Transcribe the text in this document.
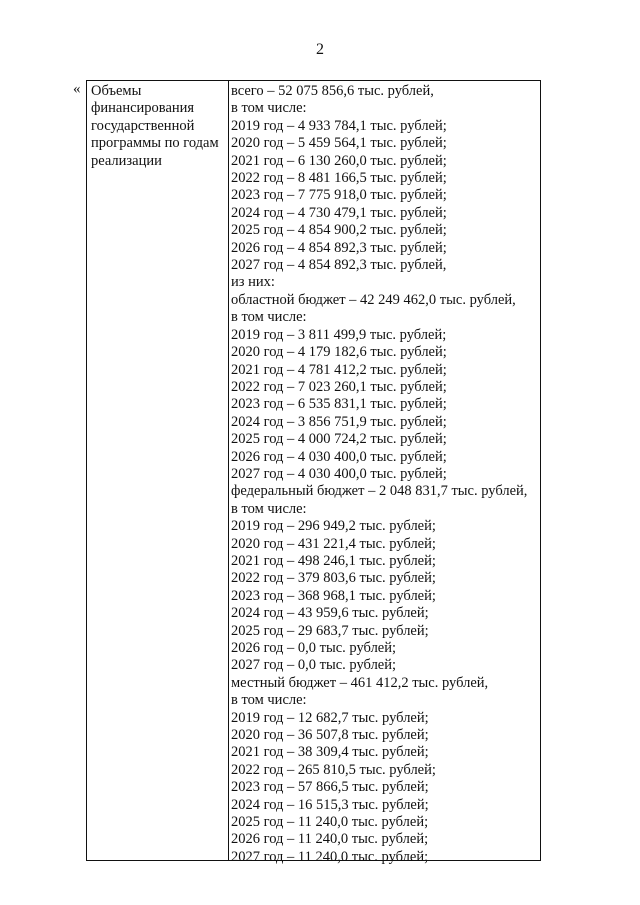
2
« Объемы
финансирования
государственной
программы по годам
реализации
всего – 52 075 856,6 тыс. рублей,
в том числе:
2019 год – 4 933 784,1 тыс. рублей;
2020 год – 5 459 564,1 тыс. рублей;
2021 год – 6 130 260,0 тыс. рублей;
2022 год – 8 481 166,5 тыс. рублей;
2023 год – 7 775 918,0 тыс. рублей;
2024 год – 4 730 479,1 тыс. рублей;
2025 год – 4 854 900,2 тыс. рублей;
2026 год – 4 854 892,3 тыс. рублей;
2027 год – 4 854 892,3 тыс. рублей,
из них:
областной бюджет – 42 249 462,0 тыс. рублей,
в том числе:
2019 год – 3 811 499,9 тыс. рублей;
2020 год – 4 179 182,6 тыс. рублей;
2021 год – 4 781 412,2 тыс. рублей;
2022 год – 7 023 260,1 тыс. рублей;
2023 год – 6 535 831,1 тыс. рублей;
2024 год – 3 856 751,9 тыс. рублей;
2025 год – 4 000 724,2 тыс. рублей;
2026 год – 4 030 400,0 тыс. рублей;
2027 год – 4 030 400,0 тыс. рублей;
федеральный бюджет – 2 048 831,7 тыс. рублей,
в том числе:
2019 год – 296 949,2 тыс. рублей;
2020 год – 431 221,4 тыс. рублей;
2021 год – 498 246,1 тыс. рублей;
2022 год – 379 803,6 тыс. рублей;
2023 год – 368 968,1 тыс. рублей;
2024 год – 43 959,6 тыс. рублей;
2025 год – 29 683,7 тыс. рублей;
2026 год – 0,0 тыс. рублей;
2027 год – 0,0 тыс. рублей;
местный бюджет – 461 412,2 тыс. рублей,
в том числе:
2019 год – 12 682,7 тыс. рублей;
2020 год – 36 507,8 тыс. рублей;
2021 год – 38 309,4 тыс. рублей;
2022 год – 265 810,5 тыс. рублей;
2023 год – 57 866,5 тыс. рублей;
2024 год – 16 515,3 тыс. рублей;
2025 год – 11 240,0 тыс. рублей;
2026 год – 11 240,0 тыс. рублей;
2027 год – 11 240,0 тыс. рублей;
